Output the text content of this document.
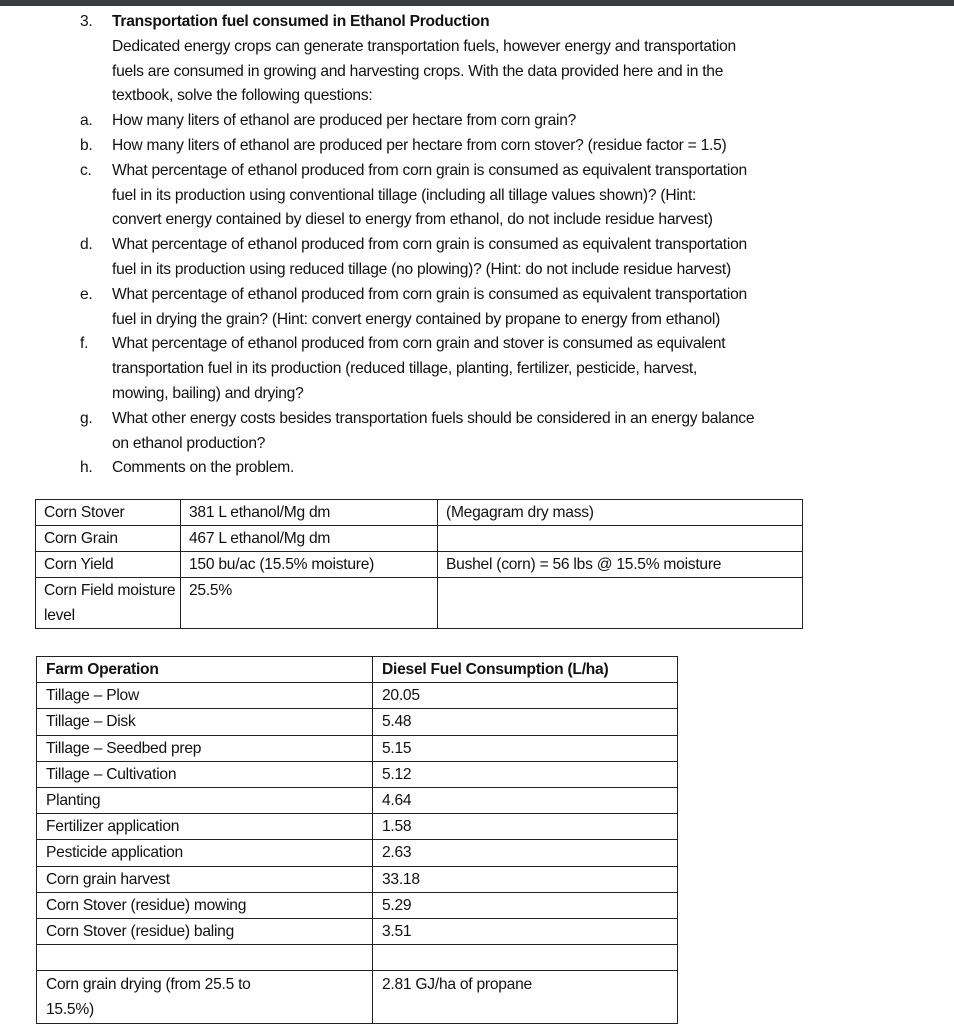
3.	Transportation fuel consumed in Ethanol Production
Dedicated energy crops can generate transportation fuels, however energy and transportation
fuels are consumed in growing and harvesting crops. With the data provided here and in the
textbook, solve the following questions:
a.	How many liters of ethanol are produced per hectare from corn grain?
b.	How many liters of ethanol are produced per hectare from corn stover? (residue factor = 1.5)
c.	What percentage of ethanol produced from corn grain is consumed as equivalent transportation
fuel in its production using conventional tillage (including all tillage values shown)? (Hint:
convert energy contained by diesel to energy from ethanol, do not include residue harvest)
d.	What percentage of ethanol produced from corn grain is consumed as equivalent transportation
fuel in its production using reduced tillage (no plowing)? (Hint: do not include residue harvest)
e.	What percentage of ethanol produced from corn grain is consumed as equivalent transportation
fuel in drying the grain? (Hint: convert energy contained by propane to energy from ethanol)
f.	What percentage of ethanol produced from corn grain and stover is consumed as equivalent
transportation fuel in its production (reduced tillage, planting, fertilizer, pesticide, harvest,
mowing, bailing) and drying?
g.	What other energy costs besides transportation fuels should be considered in an energy balance
on ethanol production?
h.	Comments on the problem.
Corn Stover	381 L ethanol/Mg dm	(Megagram dry mass)
Corn Grain	467 L ethanol/Mg dm	
Corn Yield	150 bu/ac (15.5% moisture)	Bushel (corn) = 56 lbs @ 15.5% moisture
Corn Field moisture level	25.5%	
Farm Operation	Diesel Fuel Consumption (L/ha)
Tillage – Plow	20.05
Tillage – Disk	5.48
Tillage – Seedbed prep	5.15
Tillage – Cultivation	5.12
Planting	4.64
Fertilizer application	1.58
Pesticide application	2.63
Corn grain harvest	33.18
Corn Stover (residue) mowing	5.29
Corn Stover (residue) baling	3.51

Corn grain drying (from 25.5 to
15.5%)	2.81 GJ/ha of propane
